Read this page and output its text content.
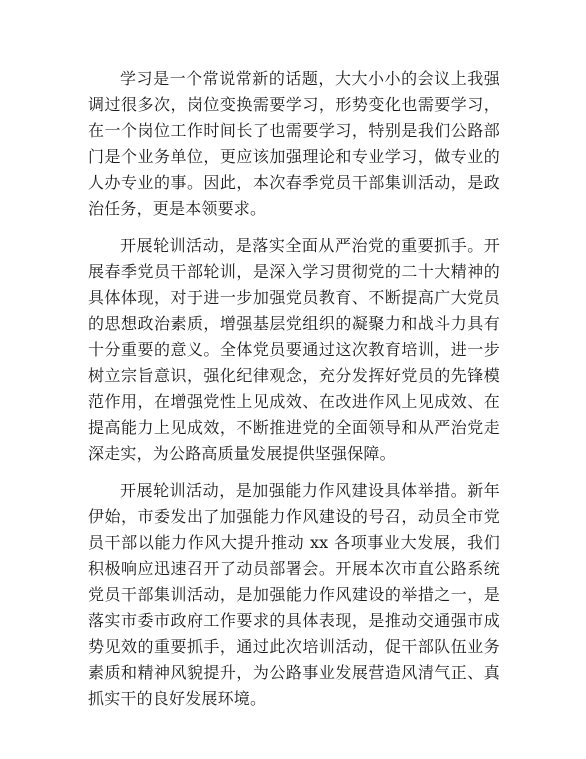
学习是一个常说常新的话题，大大小小的会议上我强调过很多次，岗位变换需要学习，形势变化也需要学习，在一个岗位工作时间长了也需要学习，特别是我们公路部门是个业务单位，更应该加强理论和专业学习，做专业的人办专业的事。因此，本次春季党员干部集训活动，是政治任务，更是本领要求。

开展轮训活动，是落实全面从严治党的重要抓手。开展春季党员干部轮训，是深入学习贯彻党的二十大精神的具体体现，对于进一步加强党员教育、不断提高广大党员的思想政治素质，增强基层党组织的凝聚力和战斗力具有十分重要的意义。全体党员要通过这次教育培训，进一步树立宗旨意识，强化纪律观念，充分发挥好党员的先锋模范作用，在增强党性上见成效、在改进作风上见成效、在提高能力上见成效，不断推进党的全面领导和从严治党走深走实，为公路高质量发展提供坚强保障。

开展轮训活动，是加强能力作风建设具体举措。新年伊始，市委发出了加强能力作风建设的号召，动员全市党员干部以能力作风大提升推动 xx 各项事业大发展，我们积极响应迅速召开了动员部署会。开展本次市直公路系统党员干部集训活动，是加强能力作风建设的举措之一，是落实市委市政府工作要求的具体表现，是推动交通强市成势见效的重要抓手，通过此次培训活动，促干部队伍业务素质和精神风貌提升，为公路事业发展营造风清气正、真抓实干的良好发展环境。
